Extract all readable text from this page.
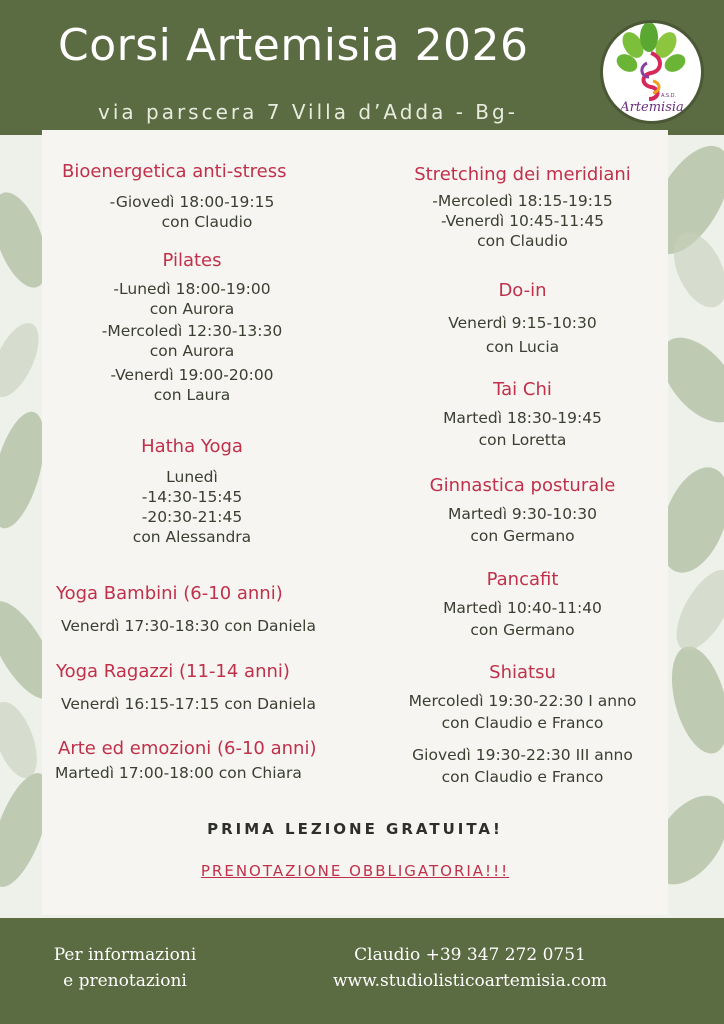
Corsi Artemisia 2026
via parscera 7 Villa d’Adda - Bg-
A.S.D.
Artemisia
Bioenergetica anti-stress
-Giovedì 18:00-19:15
con Claudio
Pilates
-Lunedì 18:00-19:00
con Aurora
-Mercoledì 12:30-13:30
con Aurora
-Venerdì 19:00-20:00
con Laura
Hatha Yoga
Lunedì
-14:30-15:45
-20:30-21:45
con Alessandra
Yoga Bambini (6-10 anni)
Venerdì 17:30-18:30 con Daniela
Yoga Ragazzi (11-14 anni)
Venerdì 16:15-17:15 con Daniela
Arte ed emozioni (6-10 anni)
Martedì 17:00-18:00 con Chiara
Stretching dei meridiani
-Mercoledì 18:15-19:15
-Venerdì 10:45-11:45
con Claudio
Do-in
Venerdì 9:15-10:30
con Lucia
Tai Chi
Martedì 18:30-19:45
con Loretta
Ginnastica posturale
Martedì 9:30-10:30
con Germano
Pancafit
Martedì 10:40-11:40
con Germano
Shiatsu
Mercoledì 19:30-22:30 I anno
con Claudio e Franco
Giovedì 19:30-22:30 III anno
con Claudio e Franco
PRIMA LEZIONE GRATUITA!
PRENOTAZIONE OBBLIGATORIA!!!
Per informazioni
e prenotazioni
Claudio +39 347 272 0751
www.studiolisticoartemisia.com
